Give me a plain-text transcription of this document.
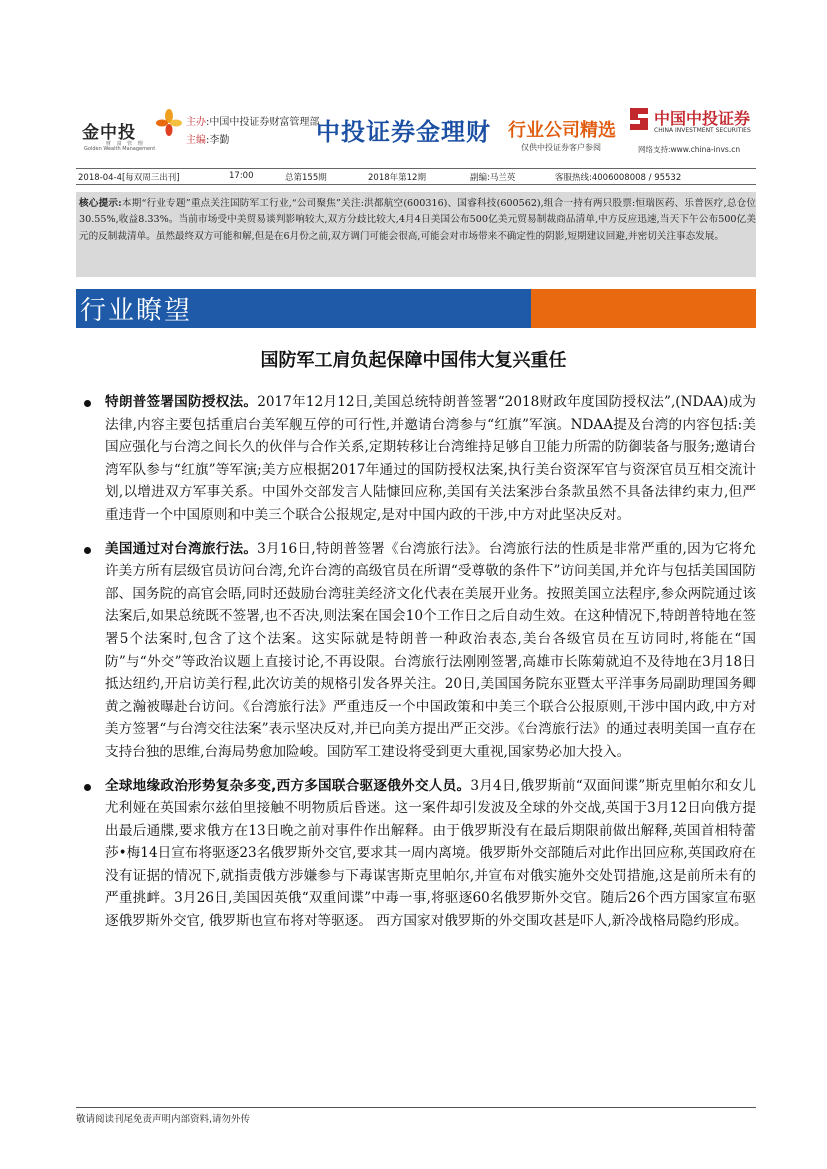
金中投
财 富 管 理
Golden Wealth Management
主办:中国中投证券财富管理部
主编:李勤	中投证券金理财 行业公司精选
仅供中投证券客户参阅
中国中投证券
CHINA INVESTMENT SECURITIES
网络支持:www.china-invs.cn
2018-04-4[每双周三出刊]	17:00	总第155期	2018年第12期	副编:马兰英	客服热线:4006008008 / 95532
核心提示:本期“行业专题”重点关注国防军工行业,“公司聚焦”关注:洪都航空(600316)、国睿科技(600562),组合一持有两只股票:恒瑞医药、乐普医疗,总仓位30.55%,收益8.33%。当前市场受中美贸易谈判影响较大,双方分歧比较大,4月4日美国公布500亿美元贸易制裁商品清单,中方反应迅速,当天下午公布500亿美元的反制裁清单。虽然最终双方可能和解,但是在6月份之前,双方调门可能会很高,可能会对市场带来不确定性的阴影,短期建议回避,并密切关注事态发展。
行业瞭望
国防军工肩负起保障中国伟大复兴重任
特朗普签署国防授权法。2017年12月12日,美国总统特朗普签署“2018财政年度国防授权法”,(NDAA)成为法律,内容主要包括重启台美军舰互停的可行性,并邀请台湾参与“红旗”军演。NDAA提及台湾的内容包括:美国应强化与台湾之间长久的伙伴与合作关系,定期转移让台湾维持足够自卫能力所需的防御装备与服务;邀请台湾军队参与“红旗”等军演;美方应根据2017年通过的国防授权法案,执行美台资深军官与资深官员互相交流计划,以增进双方军事关系。中国外交部发言人陆慷回应称,美国有关法案涉台条款虽然不具备法律约束力,但严重违背一个中国原则和中美三个联合公报规定,是对中国内政的干涉,中方对此坚决反对。
美国通过对台湾旅行法。3月16日,特朗普签署《台湾旅行法》。台湾旅行法的性质是非常严重的,因为它将允许美方所有层级官员访问台湾,允许台湾的高级官员在所谓“受尊敬的条件下”访问美国,并允许与包括美国国防部、国务院的高官会晤,同时还鼓励台湾驻美经济文化代表在美展开业务。按照美国立法程序,参众两院通过该法案后,如果总统既不签署,也不否决,则法案在国会10个工作日之后自动生效。在这种情况下,特朗普特地在签署5个法案时,包含了这个法案。这实际就是特朗普一种政治表态,美台各级官员在互访同时,将能在“国防”与“外交”等政治议题上直接讨论,不再设限。台湾旅行法刚刚签署,高雄市长陈菊就迫不及待地在3月18日抵达纽约,开启访美行程,此次访美的规格引发各界关注。20日,美国国务院东亚暨太平洋事务局副助理国务卿黄之瀚被曝赴台访问。《台湾旅行法》严重违反一个中国政策和中美三个联合公报原则,干涉中国内政,中方对美方签署“与台湾交往法案”表示坚决反对,并已向美方提出严正交涉。《台湾旅行法》的通过表明美国一直存在支持台独的思维,台海局势愈加险峻。国防军工建设将受到更大重视,国家势必加大投入。
全球地缘政治形势复杂多变,西方多国联合驱逐俄外交人员。3月4日,俄罗斯前“双面间谍”斯克里帕尔和女儿尤利娅在英国索尔兹伯里接触不明物质后昏迷。这一案件却引发波及全球的外交战,英国于3月12日向俄方提出最后通牒,要求俄方在13日晚之前对事件作出解释。由于俄罗斯没有在最后期限前做出解释,英国首相特蕾莎•梅14日宣布将驱逐23名俄罗斯外交官,要求其一周内离境。俄罗斯外交部随后对此作出回应称,英国政府在没有证据的情况下,就指责俄方涉嫌参与下毒谋害斯克里帕尔,并宣布对俄实施外交处罚措施,这是前所未有的严重挑衅。3月26日,美国因英俄“双重间谍”中毒一事,将驱逐60名俄罗斯外交官。随后26个西方国家宣布驱逐俄罗斯外交官, 俄罗斯也宣布将对等驱逐。 西方国家对俄罗斯的外交围攻甚是吓人,新冷战格局隐约形成。
敬请阅读刊尾免责声明内部资料,请勿外传
